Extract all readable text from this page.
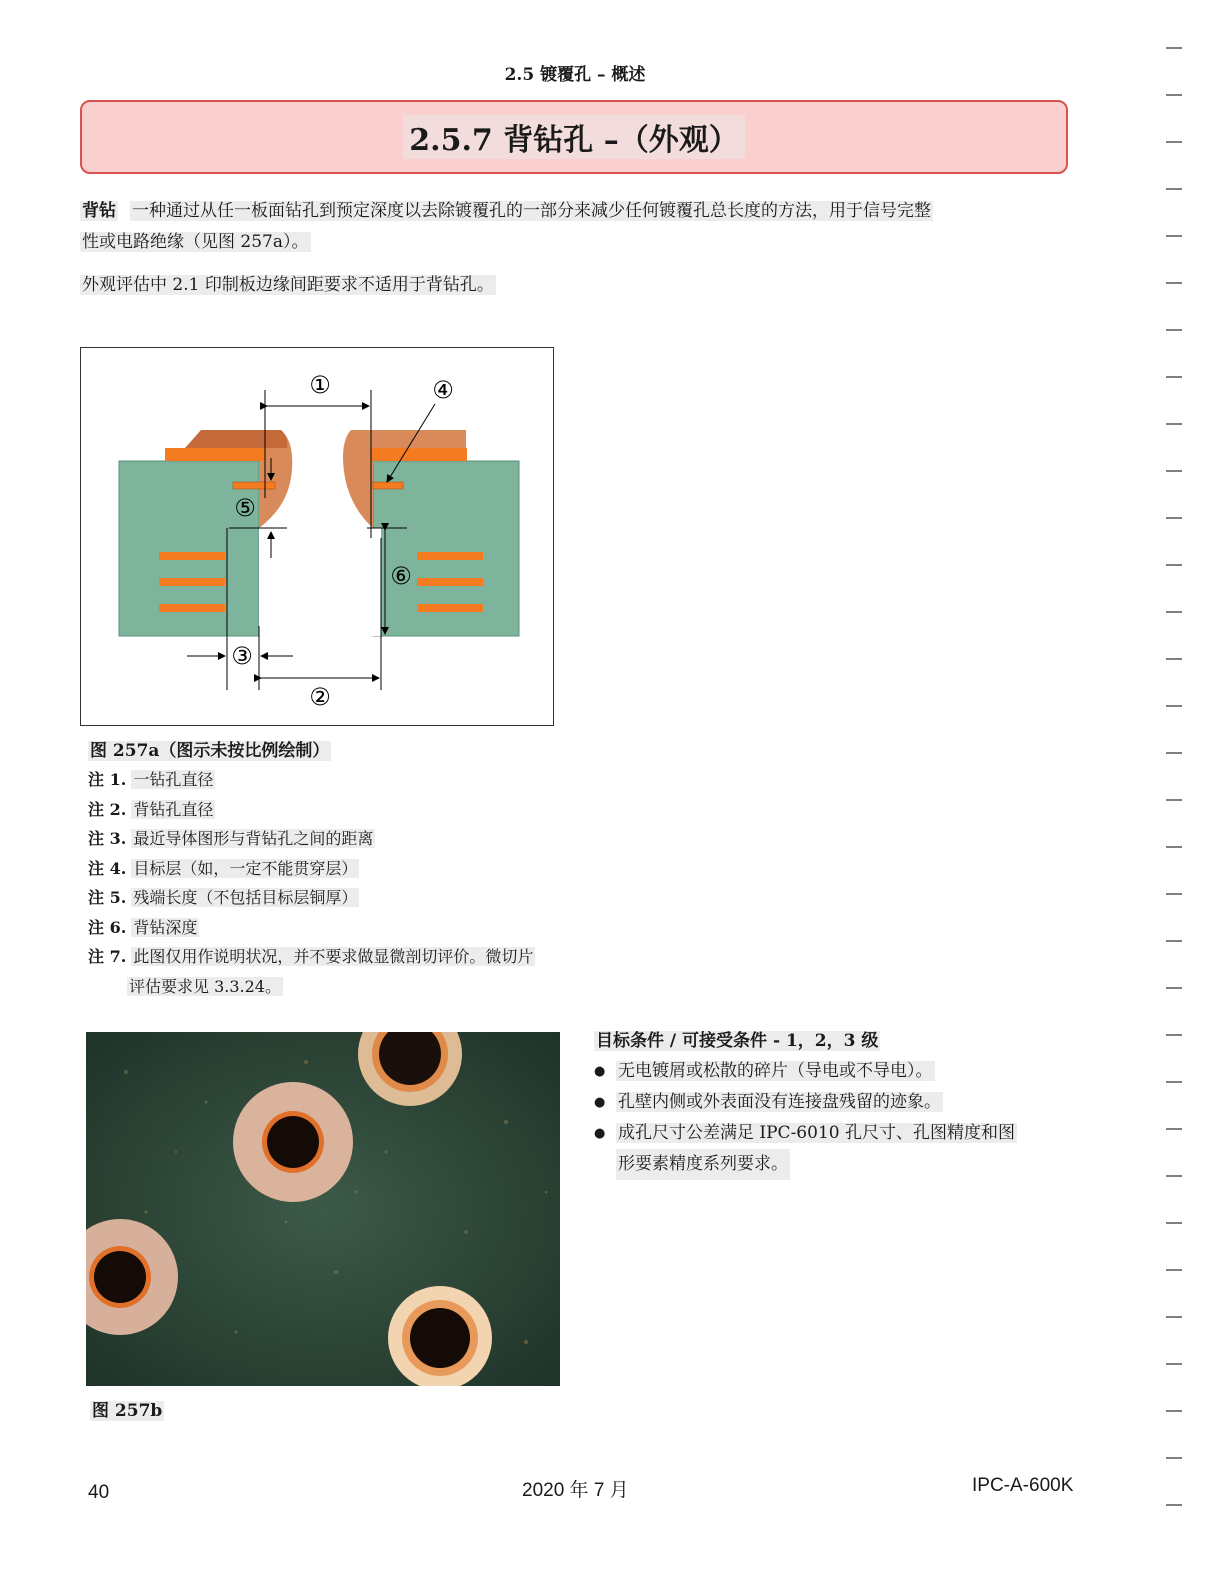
2.5 镀覆孔 – 概述
2.5.7 背钻孔 –（外观）
背钻 一种通过从任一板面钻孔到预定深度以去除镀覆孔的一部分来减少任何镀覆孔总长度的方法，用于信号完整
性或电路绝缘（见图 257a）。
外观评估中 2.1 印制板边缘间距要求不适用于背钻孔。
①
②
③
④
⑤
⑥
图 257a（图示未按比例绘制）
注 1. 一钻孔直径
注 2. 背钻孔直径
注 3. 最近导体图形与背钻孔之间的距离
注 4. 目标层（如，一定不能贯穿层）
注 5. 残端长度（不包括目标层铜厚）
注 6. 背钻深度
注 7. 此图仅用作说明状况，并不要求做显微剖切评价。微切片
评估要求见 3.3.24。
图 257b
目标条件 / 可接受条件 - 1，2，3 级
● 无电镀屑或松散的碎片（导电或不导电）。
● 孔壁内侧或外表面没有连接盘残留的迹象。
● 成孔尺寸公差满足 IPC-6010 孔尺寸、孔图精度和图
形要素精度系列要求。
40	2020 年 7 月	IPC-A-600K
